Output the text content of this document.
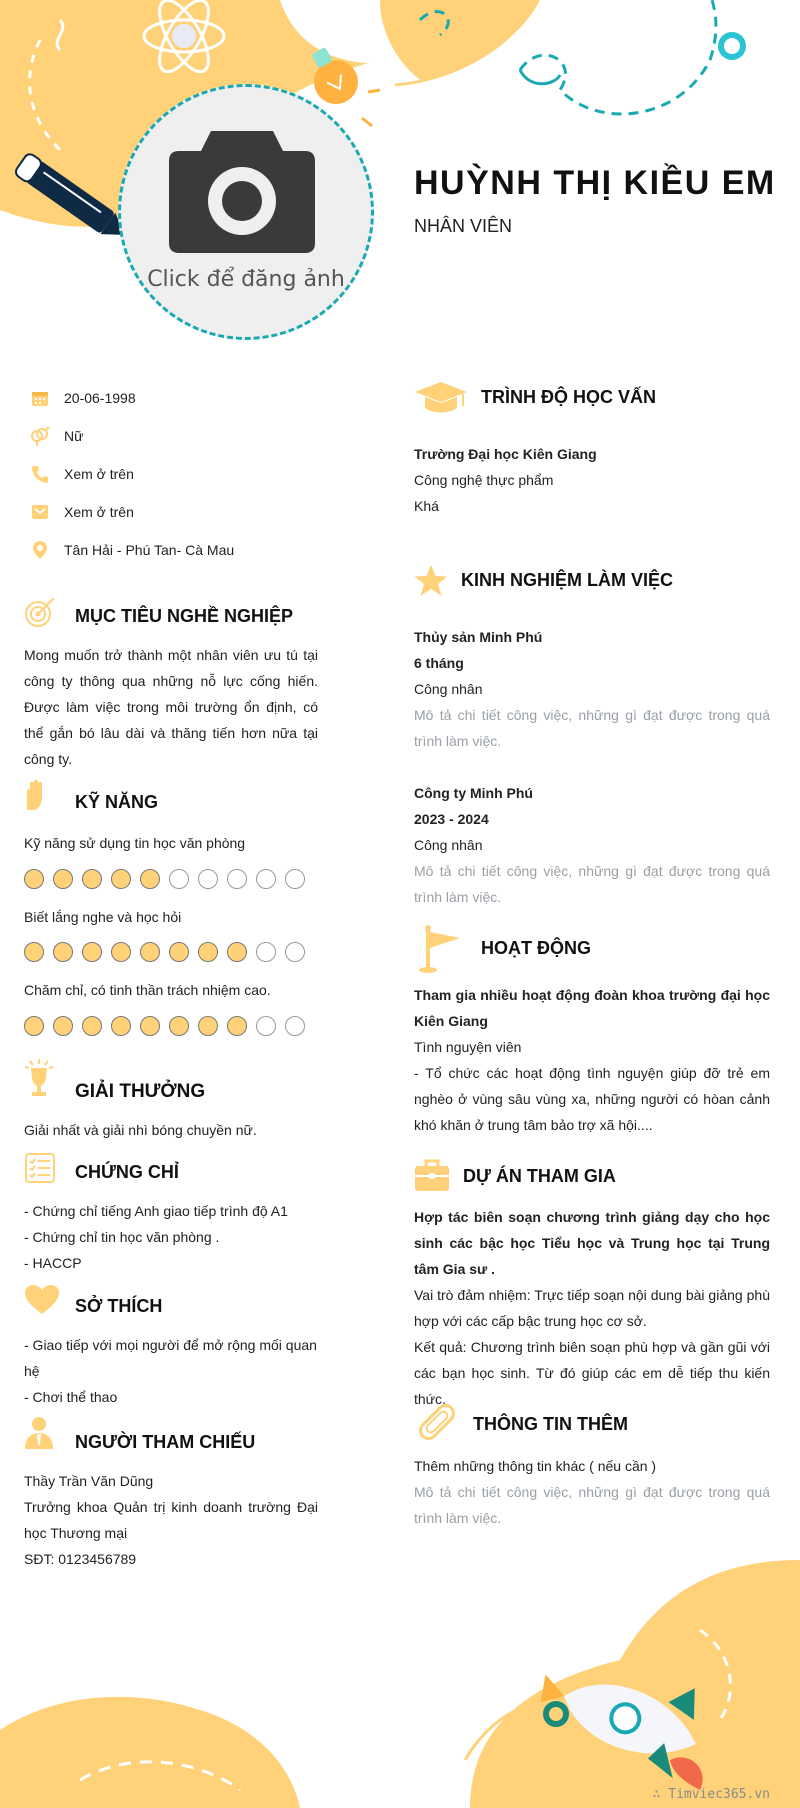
Click để đăng ảnh
HUỲNH THỊ KIỀU EM
NHÂN VIÊN
20-06-1998
Nữ
Xem ở trên
Xem ở trên
Tân Hải - Phú Tan- Cà Mau
MỤC TIÊU NGHỀ NGHIỆP
Mong muốn trở thành một nhân viên ưu tú tại công ty thông qua những nỗ lực cống hiến. Được làm việc trong môi trường ổn định, có thể gắn bó lâu dài và thăng tiến hơn nữa tại công ty.
KỸ NĂNG
Kỹ năng sử dụng tin học văn phòng
Biết lắng nghe và học hỏi
Chăm chỉ, có tinh thần trách nhiệm cao.
GIẢI THƯỞNG
Giải nhất và giải nhì bóng chuyền nữ.
CHỨNG CHỈ

- Chứng chỉ tiếng Anh giao tiếp trình độ A1

- Chứng chỉ tin học văn phòng .

- HACCP

SỞ THÍCH

- Giao tiếp với mọi người để mở rộng mối quan hệ

- Chơi thể thao

NGƯỜI THAM CHIẾU

Thầy Trần Văn Dũng

Trưởng khoa Quản trị kinh doanh trường Đại học Thương mại

SĐT: 0123456789

TRÌNH ĐỘ HỌC VẤN

Trường Đại học Kiên Giang

Công nghệ thực phẩm

Khá

KINH NGHIỆM LÀM VIỆC

Thủy sản Minh Phú

6 tháng

Công nhân

Mô tả chi tiết công việc, những gì đạt được trong quá trình làm việc.

Công ty Minh Phú

2023 - 2024

Công nhân

Mô tả chi tiết công việc, những gì đạt được trong quá trình làm việc.

HOẠT ĐỘNG

Tham gia nhiều hoạt động đoàn khoa trường đại học Kiên Giang

Tình nguyện viên

- Tổ chức các hoạt động tình nguyện giúp đỡ trẻ em nghèo ở vùng sâu vùng xa, những người có hòan cảnh khó khăn ở trung tâm bảo trợ xã hội....

DỰ ÁN THAM GIA

Hợp tác biên soạn chương trình giảng dạy cho học sinh các bậc học Tiểu học và Trung học tại Trung tâm Gia sư .

Vai trò đảm nhiệm: Trực tiếp soạn nội dung bài giảng phù hợp với các cấp bậc trung học cơ sở.

Kết quả: Chương trình biên soạn phù hợp và gần gũi với các bạn học sinh. Từ đó giúp các em dễ tiếp thu kiến thức.

THÔNG TIN THÊM

Thêm những thông tin khác ( nếu cần )

Mô tả chi tiết công việc, những gì đạt được trong quá trình làm việc.

∴ Timviec365.vn
